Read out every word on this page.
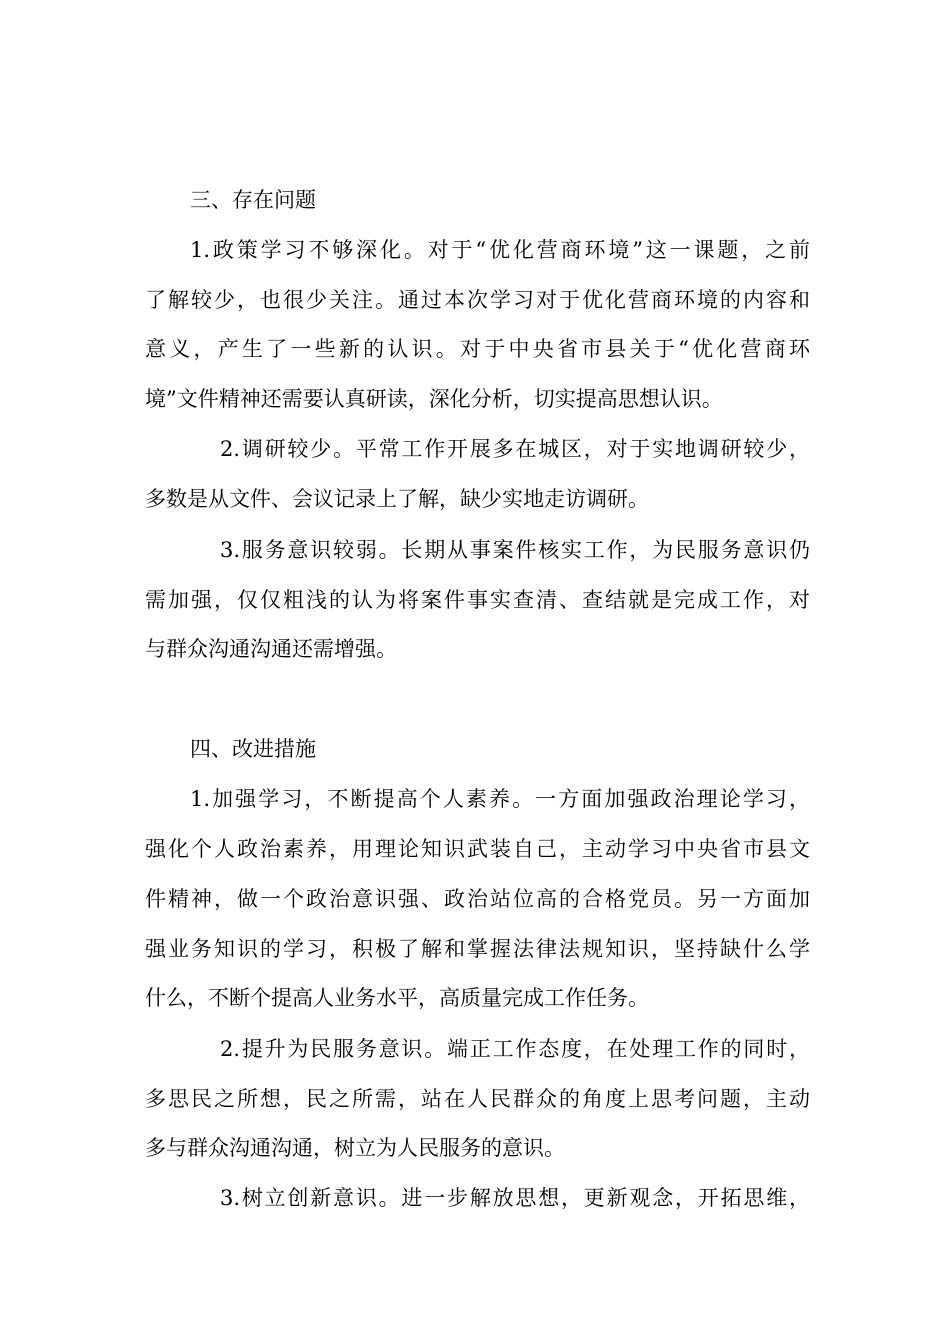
三、存在问题
1.政策学习不够深化。对于“优化营商环境”这一课题，之前
了解较少，也很少关注。通过本次学习对于优化营商环境的内容和
意义，产生了一些新的认识。对于中央省市县关于“优化营商环
境”文件精神还需要认真研读，深化分析，切实提高思想认识。
2.调研较少。平常工作开展多在城区，对于实地调研较少，
多数是从文件、会议记录上了解，缺少实地走访调研。
3.服务意识较弱。长期从事案件核实工作，为民服务意识仍
需加强，仅仅粗浅的认为将案件事实查清、查结就是完成工作，对
与群众沟通沟通还需增强。
四、改进措施
1.加强学习，不断提高个人素养。一方面加强政治理论学习，
强化个人政治素养，用理论知识武装自己，主动学习中央省市县文
件精神，做一个政治意识强、政治站位高的合格党员。另一方面加
强业务知识的学习，积极了解和掌握法律法规知识，坚持缺什么学
什么，不断个提高人业务水平，高质量完成工作任务。
2.提升为民服务意识。端正工作态度，在处理工作的同时，
多思民之所想，民之所需，站在人民群众的角度上思考问题，主动
多与群众沟通沟通，树立为人民服务的意识。
3.树立创新意识。进一步解放思想，更新观念，开拓思维，
